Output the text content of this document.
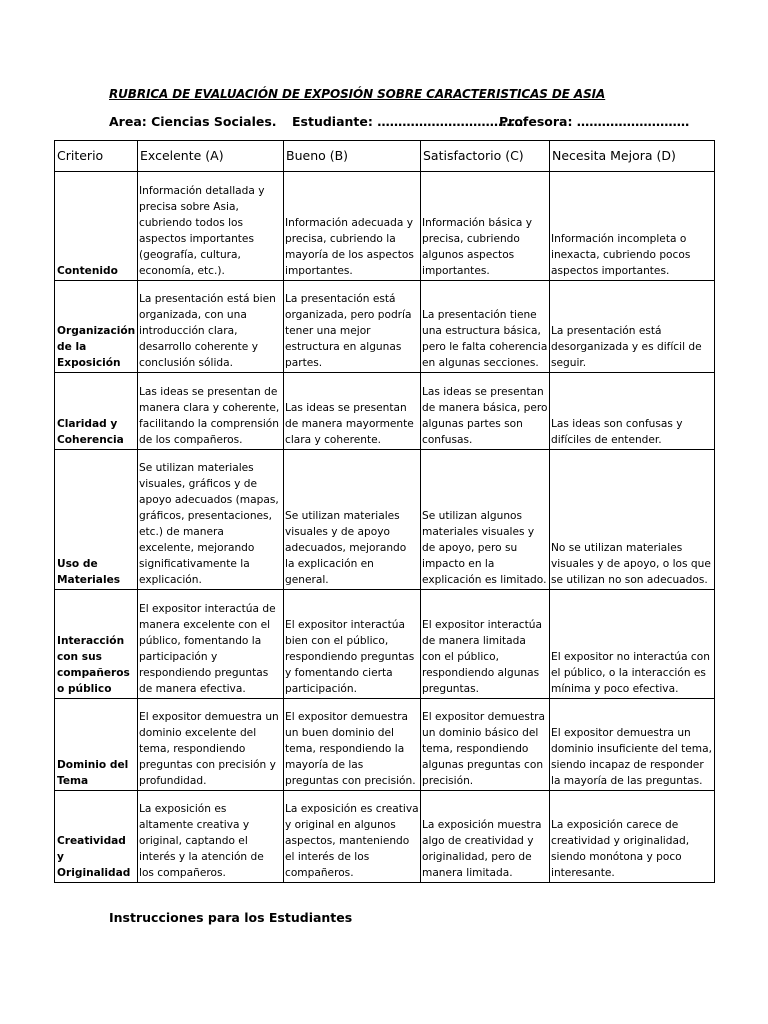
RUBRICA DE EVALUACIÓN DE EXPOSIÓN SOBRE CARACTERISTICAS DE ASIA
Area: Ciencias Sociales. Estudiante: ………………………………
Profesora: ………………………
Criterio	Excelente (A)	Bueno (B)	Satisfactorio (C)	Necesita Mejora (D)

Contenido	Información detallada y precisa sobre Asia, cubriendo todos los aspectos importantes (geografía, cultura, economía, etc.).	Información adecuada y precisa, cubriendo la mayoría de los aspectos importantes.	Información básica y precisa, cubriendo algunos aspectos importantes.	Información incompleta o inexacta, cubriendo pocos aspectos importantes.

Organización de la Exposición	La presentación está bien organizada, con una introducción clara, desarrollo coherente y conclusión sólida.	La presentación está organizada, pero podría tener una mejor estructura en algunas partes.	La presentación tiene una estructura básica, pero le falta coherencia en algunas secciones.	La presentación está desorganizada y es difícil de seguir.

Claridad y Coherencia	Las ideas se presentan de manera clara y coherente, facilitando la comprensión de los compañeros.	Las ideas se presentan de manera mayormente clara y coherente.	Las ideas se presentan de manera básica, pero algunas partes son confusas.	Las ideas son confusas y difíciles de entender.

Uso de Materiales	Se utilizan materiales visuales, gráficos y de apoyo adecuados (mapas, gráficos, presentaciones, etc.) de manera excelente, mejorando significativamente la explicación.	Se utilizan materiales visuales y de apoyo adecuados, mejorando la explicación en general.	Se utilizan algunos materiales visuales y de apoyo, pero su impacto en la explicación es limitado.	No se utilizan materiales visuales y de apoyo, o los que se utilizan no son adecuados.

Interacción con sus compañeros o público	El expositor interactúa de manera excelente con el público, fomentando la participación y respondiendo preguntas de manera efectiva.	El expositor interactúa bien con el público, respondiendo preguntas y fomentando cierta participación.	El expositor interactúa de manera limitada con el público, respondiendo algunas preguntas.	El expositor no interactúa con el público, o la interacción es mínima y poco efectiva.

Dominio del Tema	El expositor demuestra un dominio excelente del tema, respondiendo preguntas con precisión y profundidad.	El expositor demuestra un buen dominio del tema, respondiendo la mayoría de las preguntas con precisión.	El expositor demuestra un dominio básico del tema, respondiendo algunas preguntas con precisión.	El expositor demuestra un dominio insuficiente del tema, siendo incapaz de responder la mayoría de las preguntas.

Creatividad y Originalidad	La exposición es altamente creativa y original, captando el interés y la atención de los compañeros.	La exposición es creativa y original en algunos aspectos, manteniendo el interés de los compañeros.	La exposición muestra algo de creatividad y originalidad, pero de manera limitada.	La exposición carece de creatividad y originalidad, siendo monótona y poco interesante.
Instrucciones para los Estudiantes
